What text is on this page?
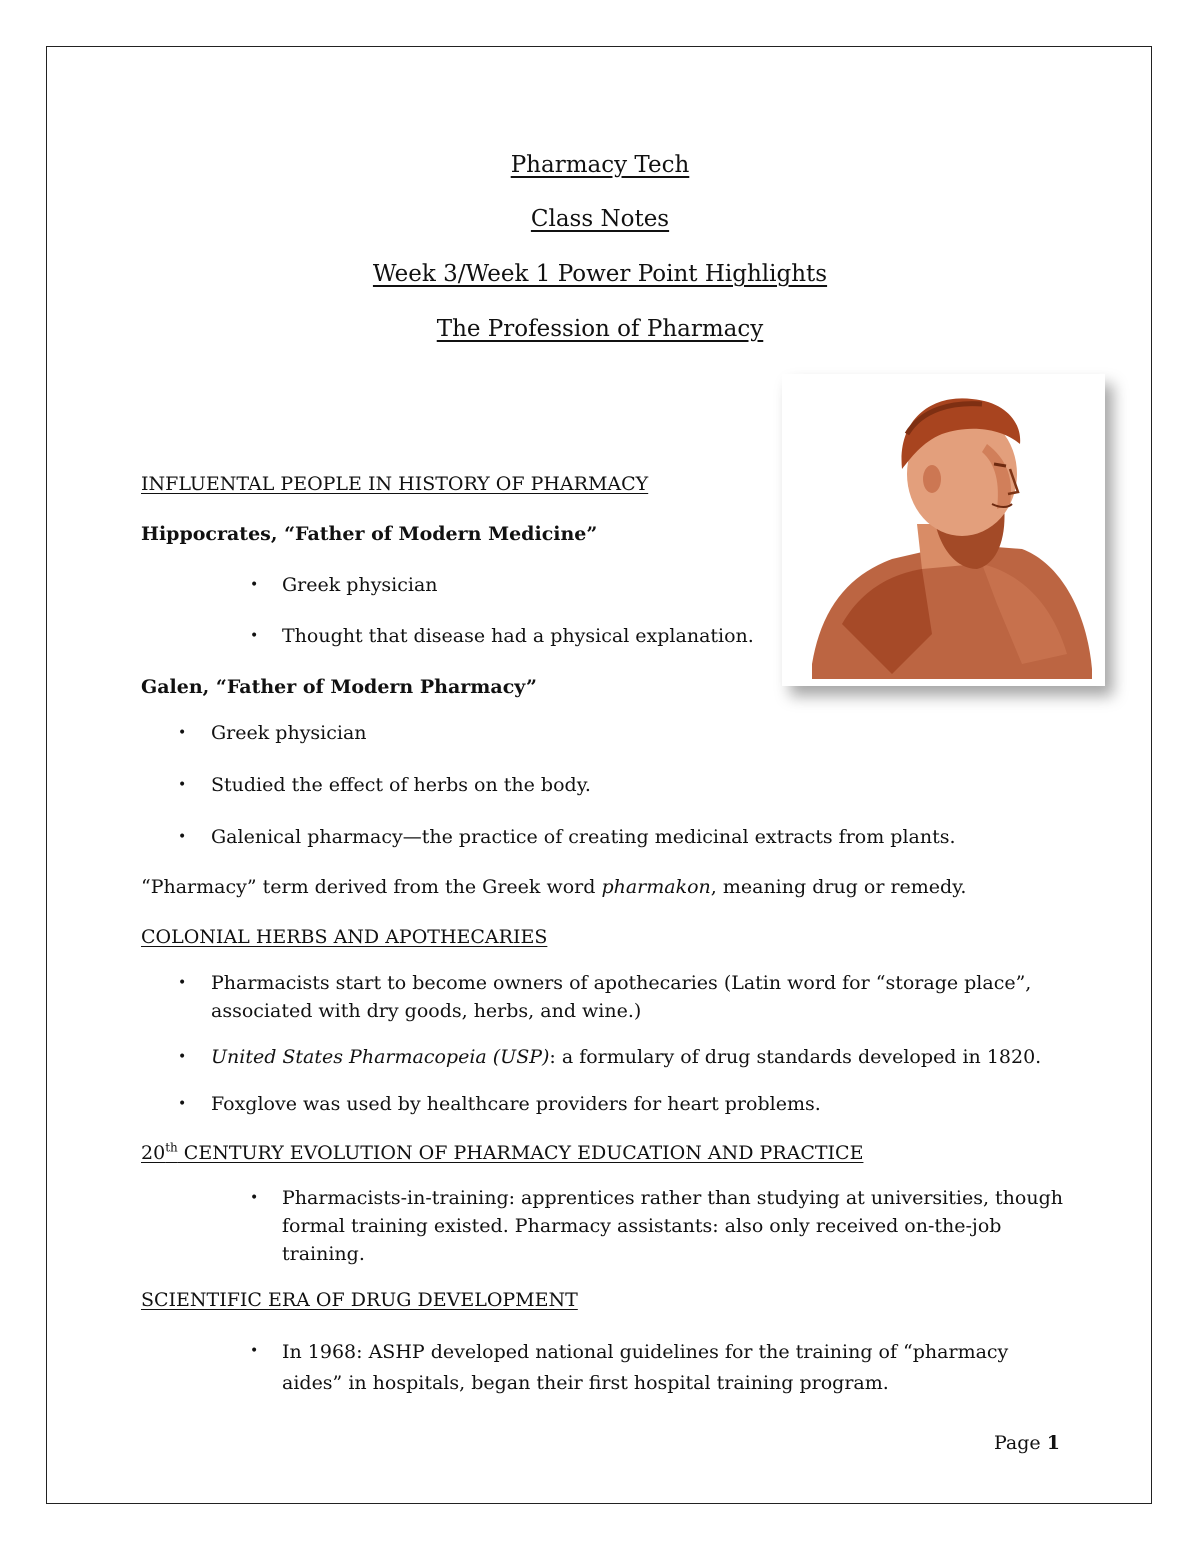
Pharmacy Tech
Class Notes
Week 3/Week 1 Power Point Highlights
The Profession of Pharmacy
INFLUENTAL PEOPLE IN HISTORY OF PHARMACY
Hippocrates, “Father of Modern Medicine”
• Greek physician
• Thought that disease had a physical explanation.
Galen, “Father of Modern Pharmacy”
• Greek physician
• Studied the effect of herbs on the body.
• Galenical pharmacy—the practice of creating medicinal extracts from plants.
“Pharmacy” term derived from the Greek word pharmakon, meaning drug or remedy.
COLONIAL HERBS AND APOTHECARIES
• Pharmacists start to become owners of apothecaries (Latin word for “storage place”,
associated with dry goods, herbs, and wine.)
• United States Pharmacopeia (USP): a formulary of drug standards developed in 1820.
• Foxglove was used by healthcare providers for heart problems.
20th CENTURY EVOLUTION OF PHARMACY EDUCATION AND PRACTICE
• Pharmacists-in-training: apprentices rather than studying at universities, though
formal training existed. Pharmacy assistants: also only received on-the-job
training.
SCIENTIFIC ERA OF DRUG DEVELOPMENT
• In 1968: ASHP developed national guidelines for the training of “pharmacy
aides” in hospitals, began their first hospital training program.
Page 1
